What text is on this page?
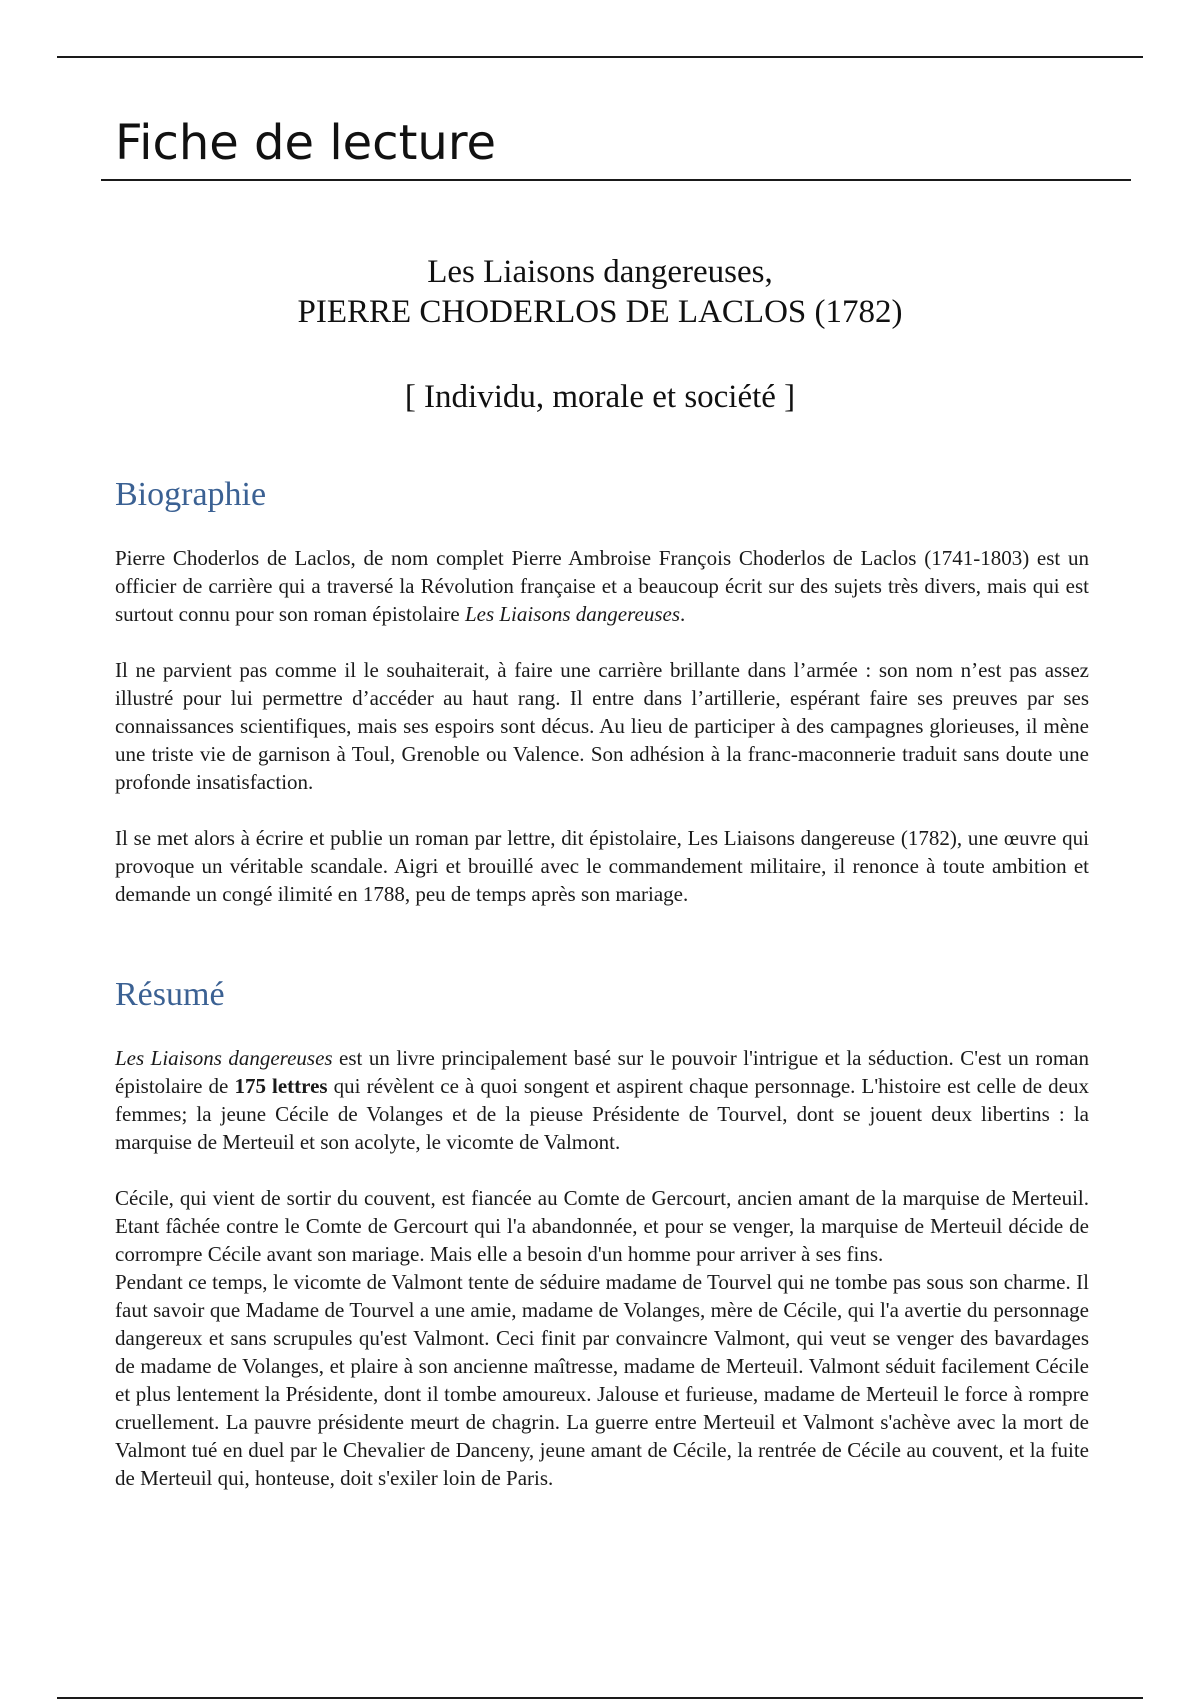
Fiche de lecture
Les Liaisons dangereuses,
PIERRE CHODERLOS DE LACLOS (1782)
[ Individu, morale et société ]
Biographie

Pierre Choderlos de Laclos, de nom complet Pierre Ambroise François Choderlos de Laclos (1741-1803) est un officier de carrière qui a traversé la Révolution française et a beaucoup écrit sur des sujets très divers, mais qui est surtout connu pour son roman épistolaire Les Liaisons dangereuses.

Il ne parvient pas comme il le souhaiterait, à faire une carrière brillante dans l’armée : son nom n’est pas assez illustré pour lui permettre d’accéder au haut rang. Il entre dans l’artillerie, espérant faire ses preuves par ses connaissances scientifiques, mais ses espoirs sont décus. Au lieu de participer à des campagnes glorieuses, il mène une triste vie de garnison à Toul, Grenoble ou Valence. Son adhésion à la franc-maconnerie traduit sans doute une profonde insatisfaction.

Il se met alors à écrire et publie un roman par lettre, dit épistolaire, Les Liaisons dangereuse (1782), une œuvre qui provoque un véritable scandale. Aigri et brouillé avec le commandement militaire, il renonce à toute ambition et demande un congé ilimité en 1788, peu de temps après son mariage.

Résumé

Les Liaisons dangereuses est un livre principalement basé sur le pouvoir l'intrigue et la séduction. C'est un roman épistolaire de 175 lettres qui révèlent ce à quoi songent et aspirent chaque personnage. L'histoire est celle de deux femmes; la jeune Cécile de Volanges et de la pieuse Présidente de Tourvel, dont se jouent deux libertins : la marquise de Merteuil et son acolyte, le vicomte de Valmont.

Cécile, qui vient de sortir du couvent, est fiancée au Comte de Gercourt, ancien amant de la marquise de Merteuil. Etant fâchée contre le Comte de Gercourt qui l'a abandonnée, et pour se venger, la marquise de Merteuil décide de corrompre Cécile avant son mariage. Mais elle a besoin d'un homme pour arriver à ses fins.

Pendant ce temps, le vicomte de Valmont tente de séduire madame de Tourvel qui ne tombe pas sous son charme. Il faut savoir que Madame de Tourvel a une amie, madame de Volanges, mère de Cécile, qui l'a avertie du personnage dangereux et sans scrupules qu'est Valmont. Ceci finit par convaincre Valmont, qui veut se venger des bavardages de madame de Volanges, et plaire à son ancienne maîtresse, madame de Merteuil. Valmont séduit facilement Cécile et plus lentement la Présidente, dont il tombe amoureux. Jalouse et furieuse, madame de Merteuil le force à rompre cruellement. La pauvre présidente meurt de chagrin. La guerre entre Merteuil et Valmont s'achève avec la mort de Valmont tué en duel par le Chevalier de Danceny, jeune amant de Cécile, la rentrée de Cécile au couvent, et la fuite de Merteuil qui, honteuse, doit s'exiler loin de Paris.
